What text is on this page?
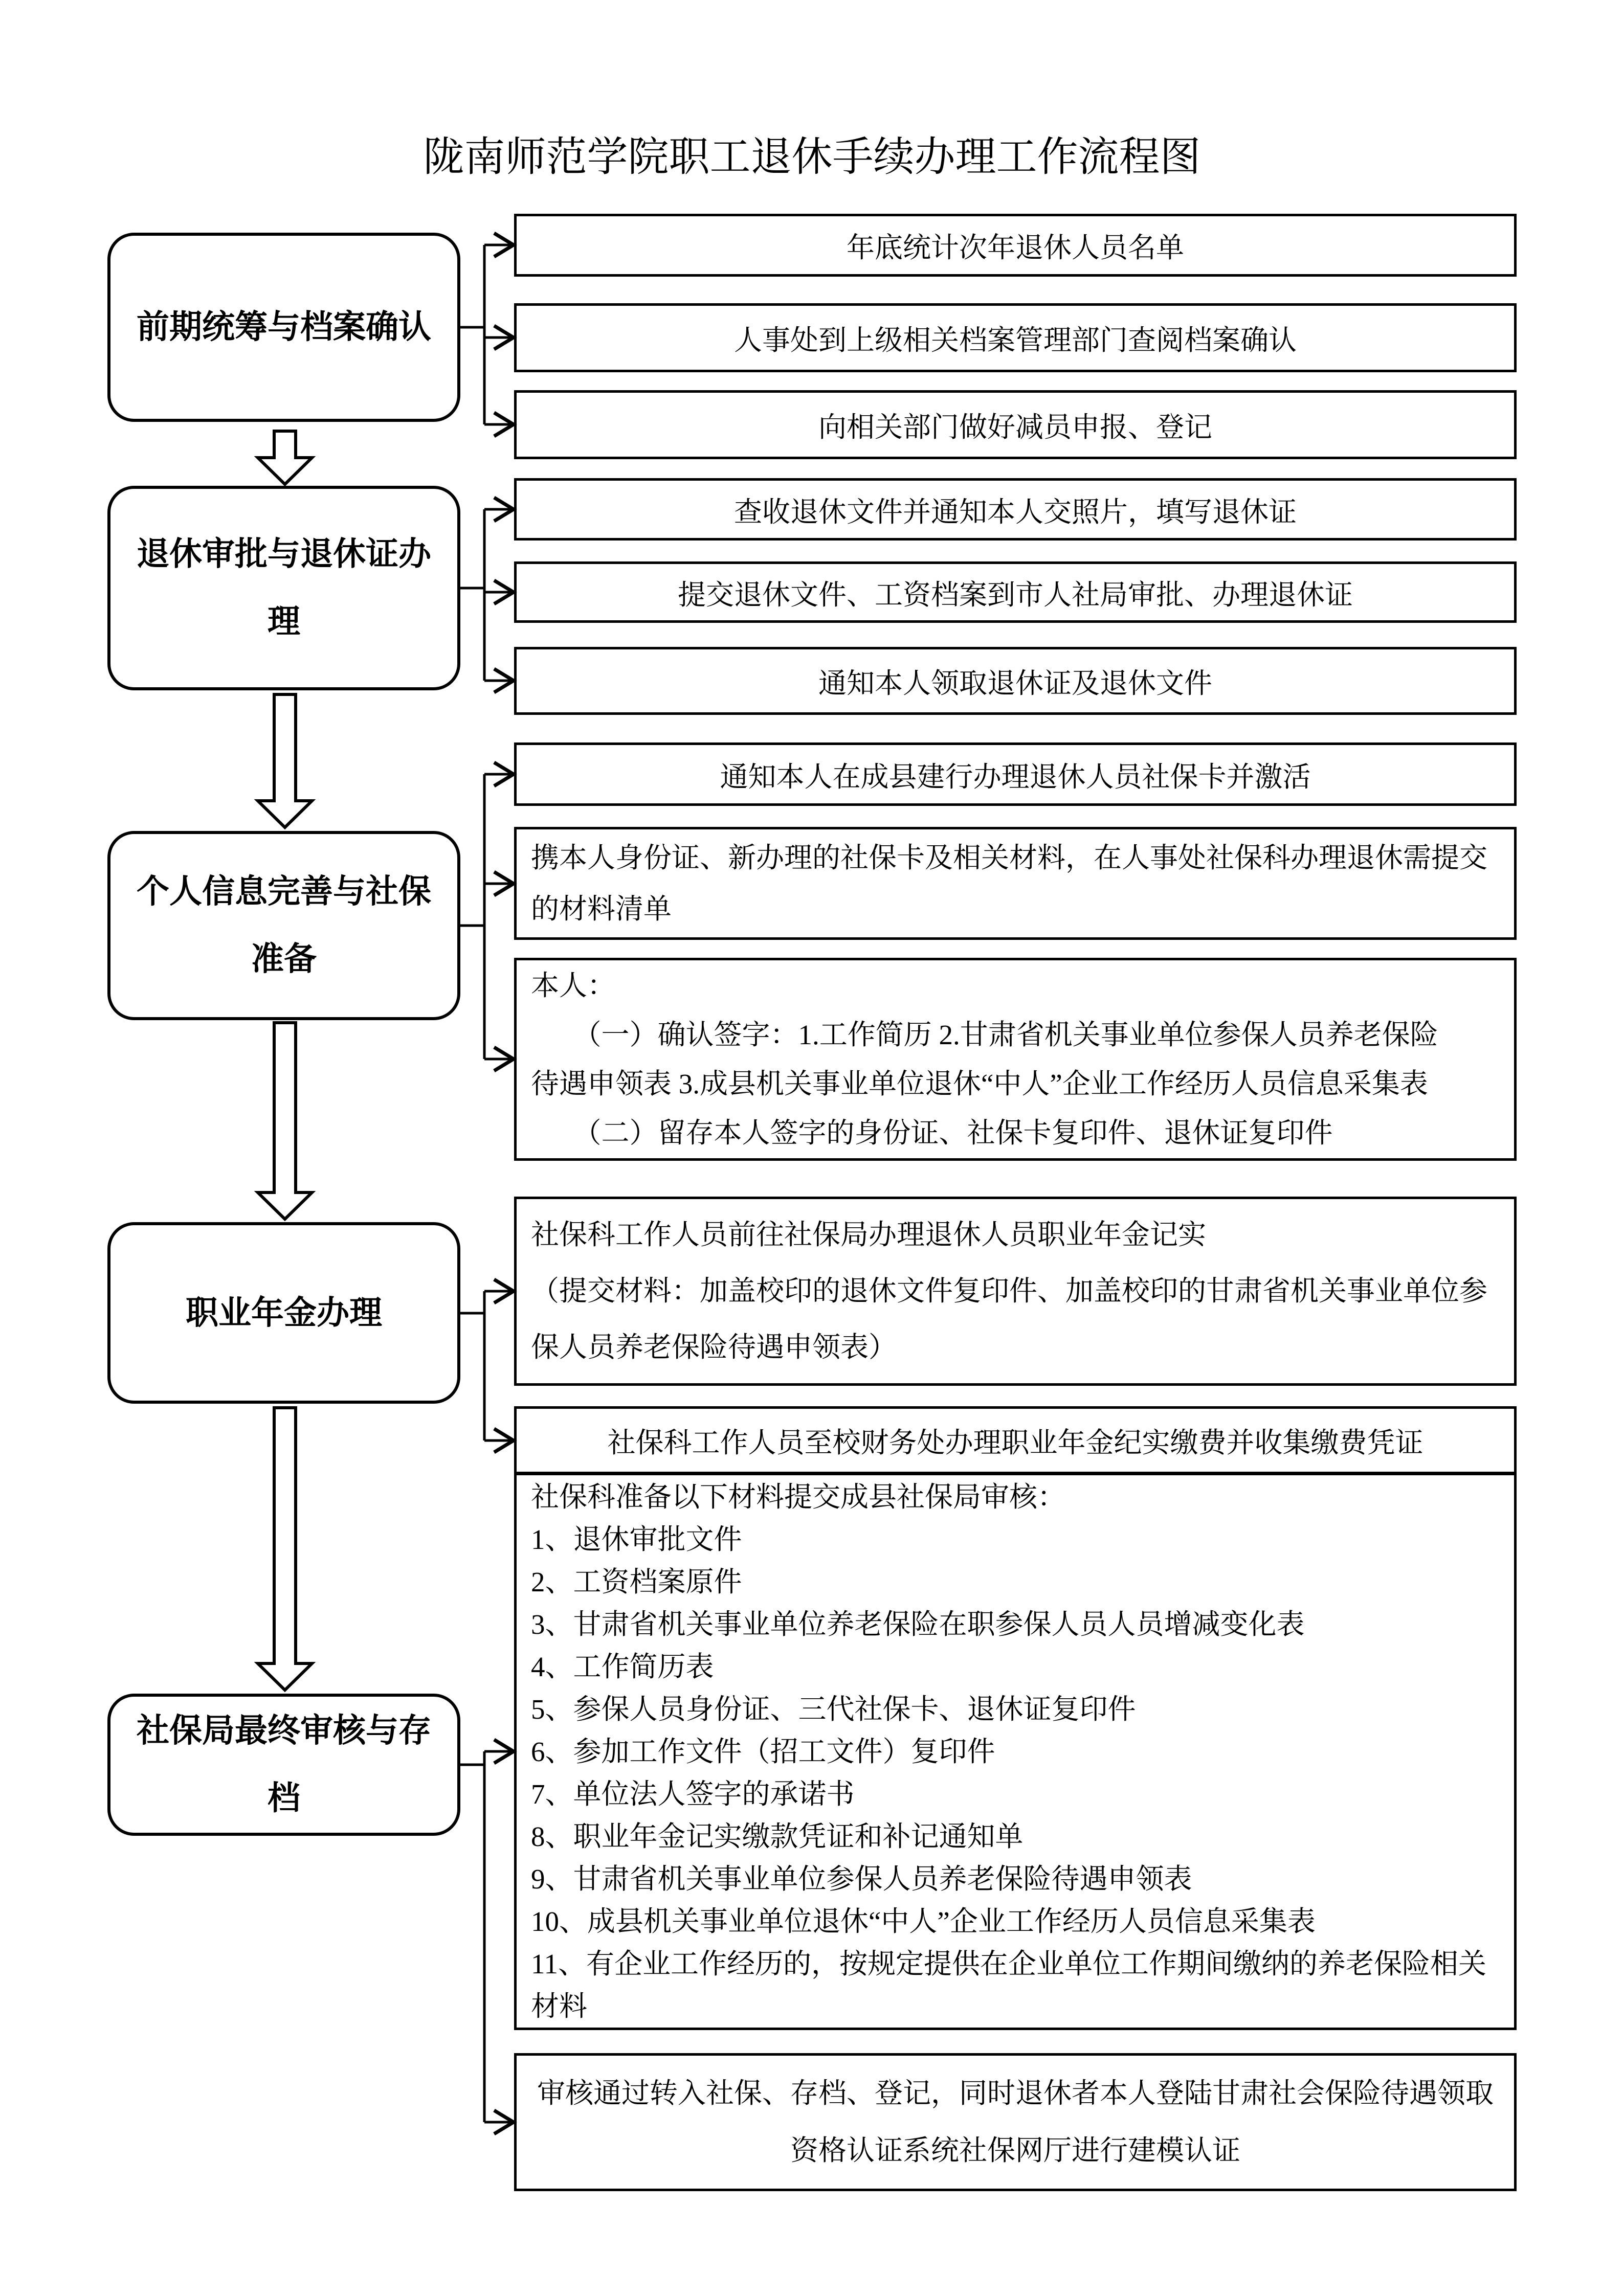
陇南师范学院职工退休手续办理工作流程图
前期统筹与档案确认
退休审批与退休证办理
个人信息完善与社保准备
职业年金办理
社保局最终审核与存档
年底统计次年退休人员名单
人事处到上级相关档案管理部门查阅档案确认
向相关部门做好减员申报、登记
查收退休文件并通知本人交照片，填写退休证
提交退休文件、工资档案到市人社局审批、办理退休证
通知本人领取退休证及退休文件
通知本人在成县建行办理退休人员社保卡并激活
携本人身份证、新办理的社保卡及相关材料，在人事处社保科办理退休需提交
的材料清单
本人：
　　（一）确认签字：1.工作简历 2.甘肃省机关事业单位参保人员养老保险
待遇申领表 3.成县机关事业单位退休“中人”企业工作经历人员信息采集表
　　（二）留存本人签字的身份证、社保卡复印件、退休证复印件
社保科工作人员前往社保局办理退休人员职业年金记实
（提交材料：加盖校印的退休文件复印件、加盖校印的甘肃省机关事业单位参
保人员养老保险待遇申领表）
社保科工作人员至校财务处办理职业年金纪实缴费并收集缴费凭证
社保科准备以下材料提交成县社保局审核：
1、退休审批文件
2、工资档案原件
3、甘肃省机关事业单位养老保险在职参保人员人员增减变化表
4、工作简历表
5、参保人员身份证、三代社保卡、退休证复印件
6、参加工作文件（招工文件）复印件
7、单位法人签字的承诺书
8、职业年金记实缴款凭证和补记通知单
9、甘肃省机关事业单位参保人员养老保险待遇申领表
10、成县机关事业单位退休“中人”企业工作经历人员信息采集表
11、有企业工作经历的，按规定提供在企业单位工作期间缴纳的养老保险相关
材料
审核通过转入社保、存档、登记，同时退休者本人登陆甘肃社会保险待遇领取
资格认证系统社保网厅进行建模认证
